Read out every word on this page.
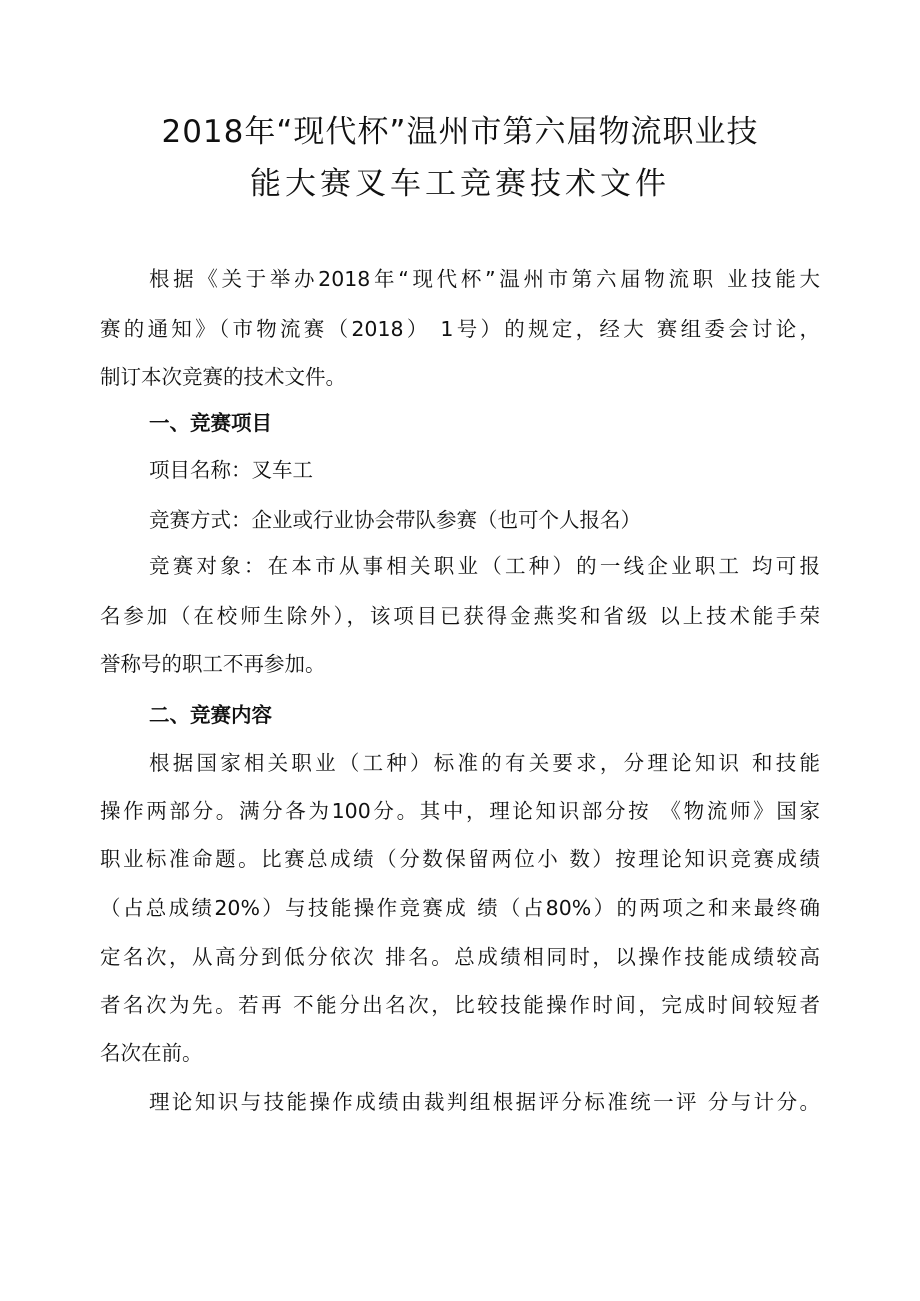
2018年“现代杯”温州市第六届物流职业技
能大赛叉车工竞赛技术文件
根据《关于举办2018年“现代杯”温州市第六届物流职 业技能大
赛的通知》（市物流赛（2018） 1号）的规定，经大 赛组委会讨论，
制订本次竞赛的技术文件。
一、竞赛项目
项目名称：叉车工
竞赛方式：企业或行业协会带队参赛（也可个人报名）
竞赛对象：在本市从事相关职业（工种）的一线企业职工 均可报
名参加（在校师生除外），该项目已获得金燕奖和省级 以上技术能手荣
誉称号的职工不再参加。
二、竞赛内容
根据国家相关职业（工种）标准的有关要求，分理论知识 和技能
操作两部分。满分各为100分。其中，理论知识部分按 《物流师》国家
职业标准命题。比赛总成绩（分数保留两位小 数）按理论知识竞赛成绩
（占总成绩20%）与技能操作竞赛成 绩（占80%）的两项之和来最终确
定名次，从高分到低分依次 排名。总成绩相同时，以操作技能成绩较高
者名次为先。若再 不能分出名次，比较技能操作时间，完成时间较短者
名次在前。
理论知识与技能操作成绩由裁判组根据评分标准统一评 分与计分。
